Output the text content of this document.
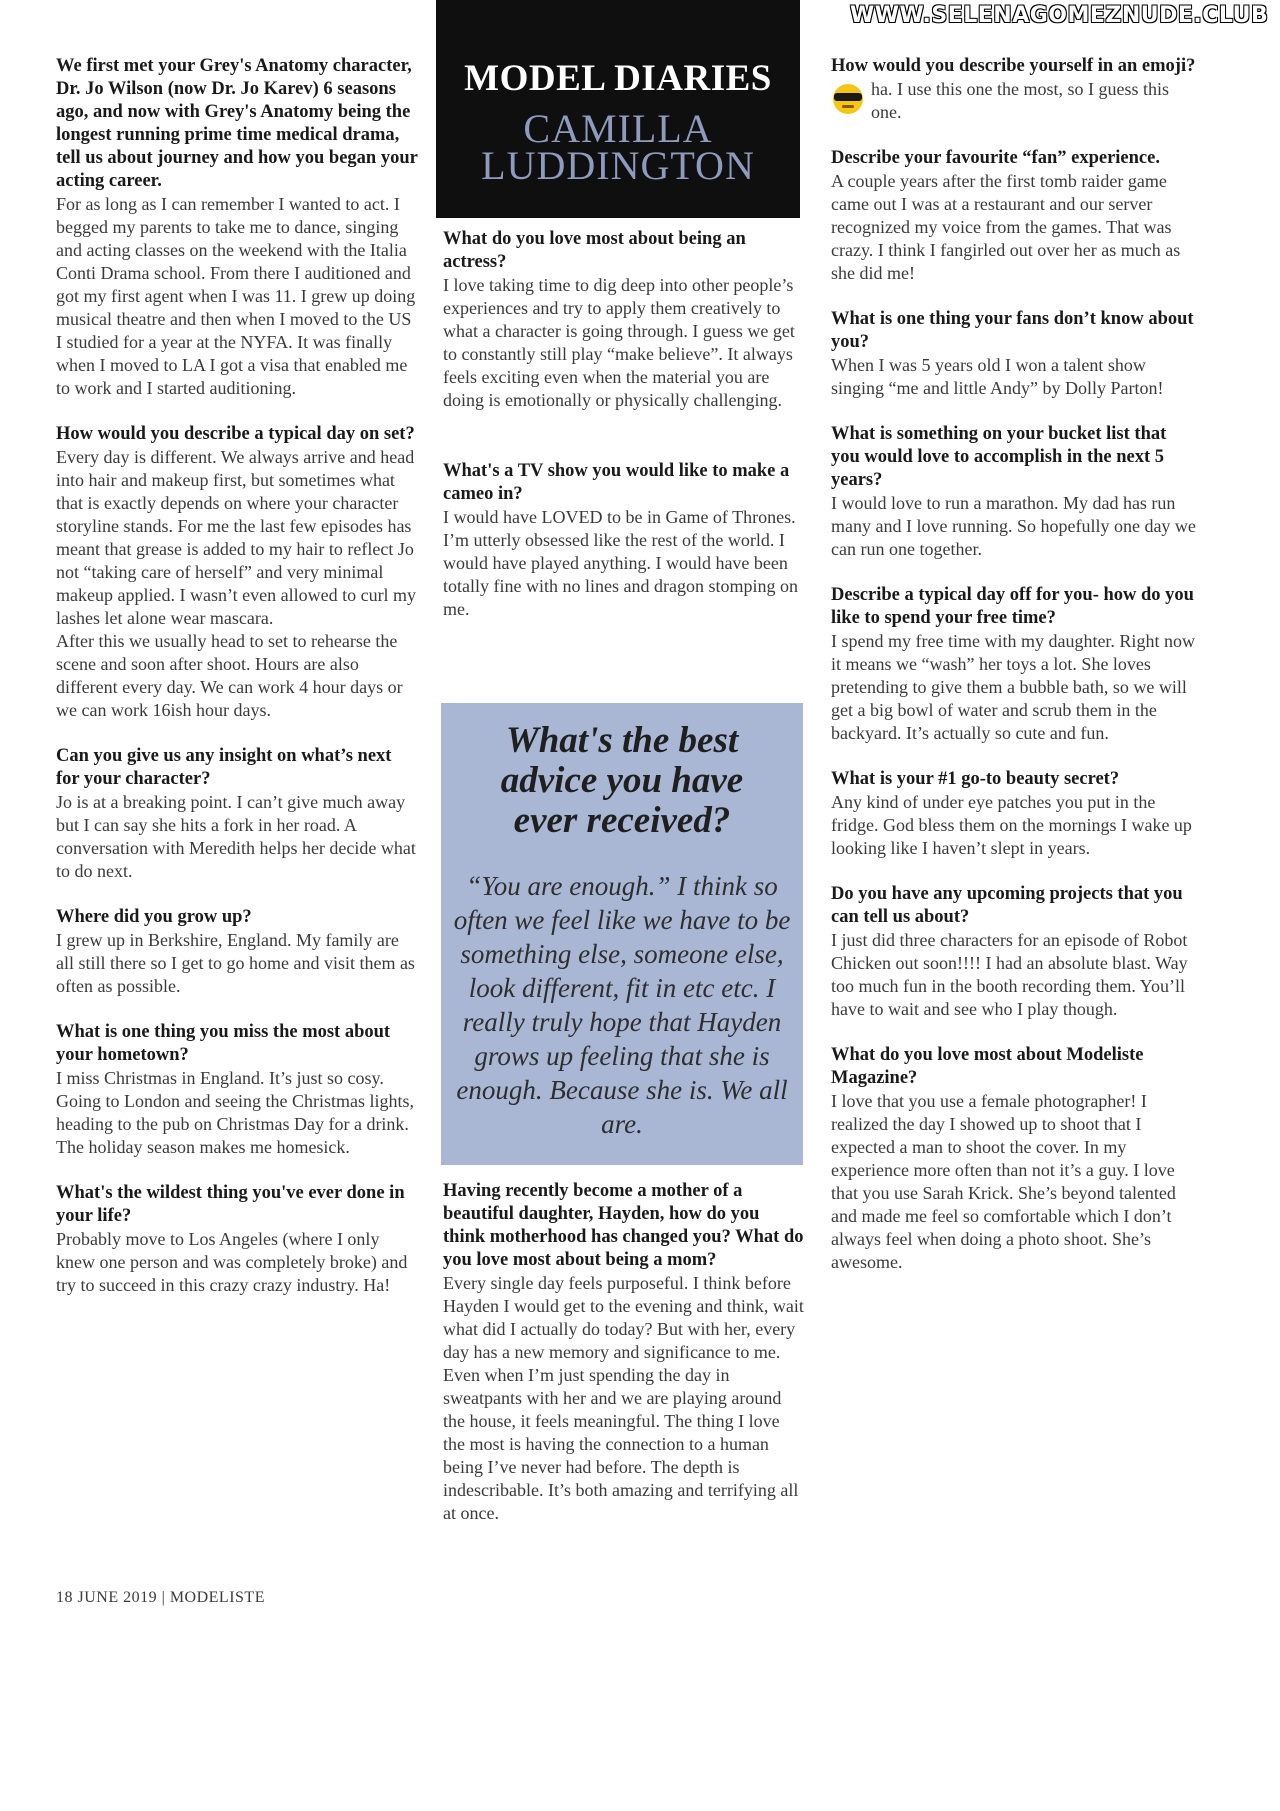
WWW.SELENAGOMEZNUDE.CLUB
MODEL DIARIES
CAMILLA
LUDDINGTON

We first met your Grey's Anatomy character, Dr. Jo Wilson (now Dr. Jo Karev) 6 seasons ago, and now with Grey's Anatomy being the longest running prime time medical drama, tell us about journey and how you began your acting career.

For as long as I can remember I wanted to act. I begged my parents to take me to dance, singing and acting classes on the weekend with the Italia Conti Drama school. From there I auditioned and got my first agent when I was 11. I grew up doing musical theatre and then when I moved to the US I studied for a year at the NYFA. It was finally when I moved to LA I got a visa that enabled me to work and I started auditioning.

How would you describe a typical day on set?

Every day is different. We always arrive and head into hair and makeup first, but sometimes what that is exactly depends on where your character storyline stands. For me the last few episodes has meant that grease is added to my hair to reflect Jo not “taking care of herself” and very minimal makeup applied. I wasn’t even allowed to curl my lashes let alone wear mascara.
After this we usually head to set to rehearse the scene and soon after shoot. Hours are also different every day. We can work 4 hour days or we can work 16ish hour days.

Can you give us any insight on what’s next for your character?

Jo is at a breaking point. I can’t give much away but I can say she hits a fork in her road. A conversation with Meredith helps her decide what to do next.

Where did you grow up?

I grew up in Berkshire, England. My family are all still there so I get to go home and visit them as often as possible.

What is one thing you miss the most about your hometown?

I miss Christmas in England. It’s just so cosy. Going to London and seeing the Christmas lights, heading to the pub on Christmas Day for a drink. The holiday season makes me homesick.

What's the wildest thing you've ever done in your life?

Probably move to Los Angeles (where I only knew one person and was completely broke) and try to succeed in this crazy crazy industry. Ha!

What do you love most about being an actress?

I love taking time to dig deep into other people’s experiences and try to apply them creatively to what a character is going through. I guess we get to constantly still play “make believe”. It always feels exciting even when the material you are doing is emotionally or physically challenging.

What's a TV show you would like to make a cameo in?

I would have LOVED to be in Game of Thrones. I’m utterly obsessed like the rest of the world. I would have played anything. I would have been totally fine with no lines and dragon stomping on me.

What's the best
advice you have
ever received?
“You are enough.” I think so often we feel like we have to be something else, someone else, look different, fit in etc etc. I really truly hope that Hayden grows up feeling that she is enough. Because she is. We all are.

Having recently become a mother of a beautiful daughter, Hayden, how do you think motherhood has changed you? What do you love most about being a mom?

Every single day feels purposeful. I think before Hayden I would get to the evening and think, wait what did I actually do today? But with her, every day has a new memory and significance to me. Even when I’m just spending the day in sweatpants with her and we are playing around the house, it feels meaningful. The thing I love the most is having the connection to a human being I’ve never had before. The depth is indescribable. It’s both amazing and terrifying all at once.

How would you describe yourself in an emoji?

ha. I use this one the most, so I guess this one.

Describe your favourite “fan” experience.

A couple years after the first tomb raider game came out I was at a restaurant and our server recognized my voice from the games. That was crazy. I think I fangirled out over her as much as she did me!

What is one thing your fans don’t know about you?

When I was 5 years old I won a talent show singing “me and little Andy” by Dolly Parton!

What is something on your bucket list that you would love to accomplish in the next 5 years?

I would love to run a marathon. My dad has run many and I love running. So hopefully one day we can run one together.

Describe a typical day off for you- how do you like to spend your free time?

I spend my free time with my daughter. Right now it means we “wash” her toys a lot. She loves pretending to give them a bubble bath, so we will get a big bowl of water and scrub them in the backyard. It’s actually so cute and fun.

What is your #1 go-to beauty secret?

Any kind of under eye patches you put in the fridge. God bless them on the mornings I wake up looking like I haven’t slept in years.

Do you have any upcoming projects that you can tell us about?

I just did three characters for an episode of Robot Chicken out soon!!!! I had an absolute blast. Way too much fun in the booth recording them. You’ll have to wait and see who I play though.

What do you love most about Modeliste Magazine?

I love that you use a female photographer! I realized the day I showed up to shoot that I expected a man to shoot the cover. In my experience more often than not it’s a guy. I love that you use Sarah Krick. She’s beyond talented and made me feel so comfortable which I don’t always feel when doing a photo shoot. She’s awesome.

18 JUNE 2019 | MODELISTE
